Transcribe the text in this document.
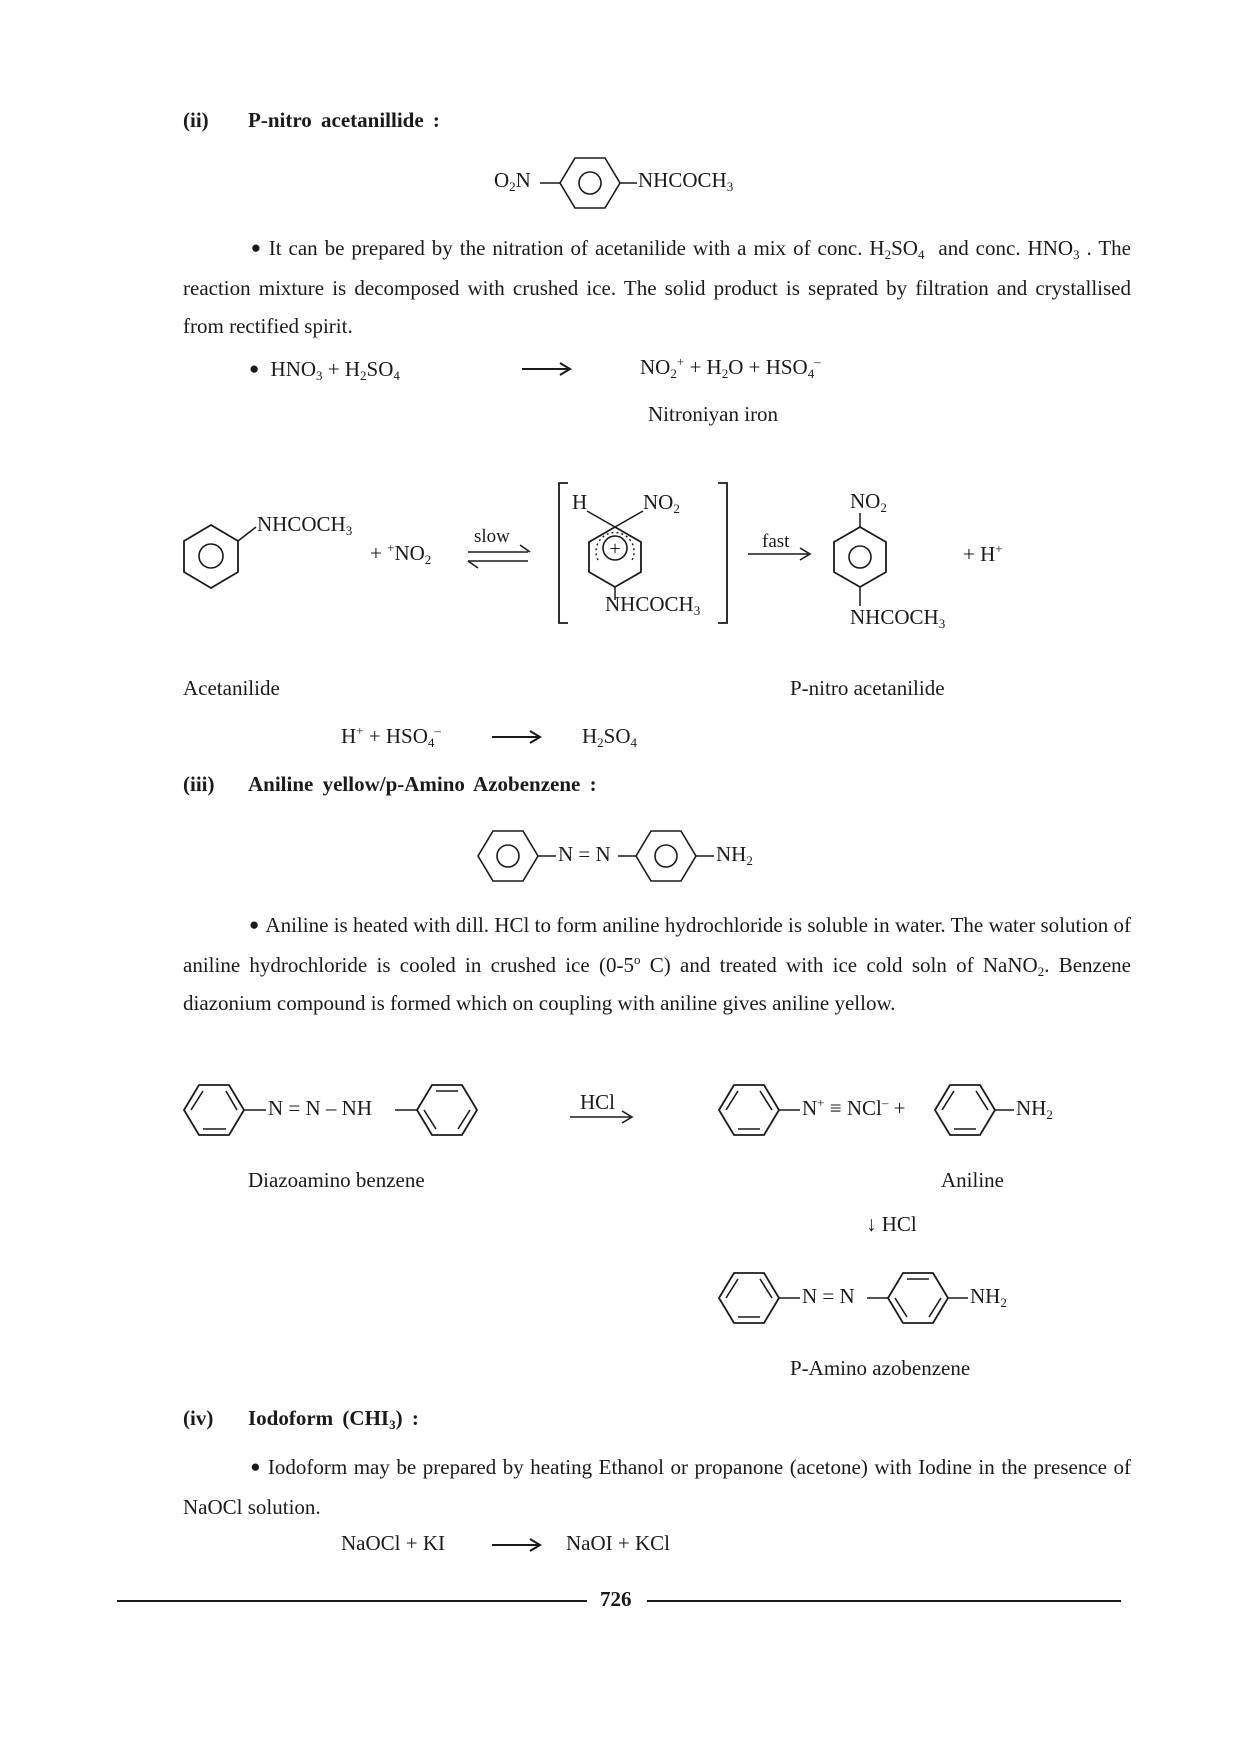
(ii) P-nitro acetanillide :
$O_2N$	$NHCOCH_3$
● It can be prepared by the nitration of acetanilide with a mix of conc. $H_2SO_4$ and conc. $HNO_3$ . The reaction mixture is decomposed with crushed ice. The solid product is seprated by filtration and crystallised from rectified spirit.
● $HNO_3 + H_2SO_4$	$NO_2^+ + H_2O + HSO_4^-$
Nitroniyan iron
+
$NHCOCH_3$
+ $^+NO_2$
slow
H	$NO_2$
$NHCOCH_3$
fast
$NO_2$
$NHCOCH_3$
+ H+
Acetanilide	P-nitro acetanilide
$H^+ + HSO_4^-$	$H_2SO_4$
(iii) Aniline yellow/p-Amino Azobenzene :
N = N	$NH_2$
● Aniline is heated with dill. HCl to form aniline hydrochloride is soluble in water. The water solution of aniline hydrochloride is cooled in crushed ice (0-5$^o$ C) and treated with ice cold soln of NaNO$_2$. Benzene diazonium compound is formed which on coupling with aniline gives aniline yellow.
N = N – NH	HCl	N+ ≡ NCl– +	$NH_2$
Diazoamino benzene	Aniline
↓ HCl
N = N	$NH_2$
P-Amino azobenzene
(iv) Iodoform $(CHI_3)$ :
● Iodoform may be prepared by heating Ethanol or propanone (acetone) with Iodine in the presence of NaOCl solution.
NaOCl + KI	NaOI + KCl
726
